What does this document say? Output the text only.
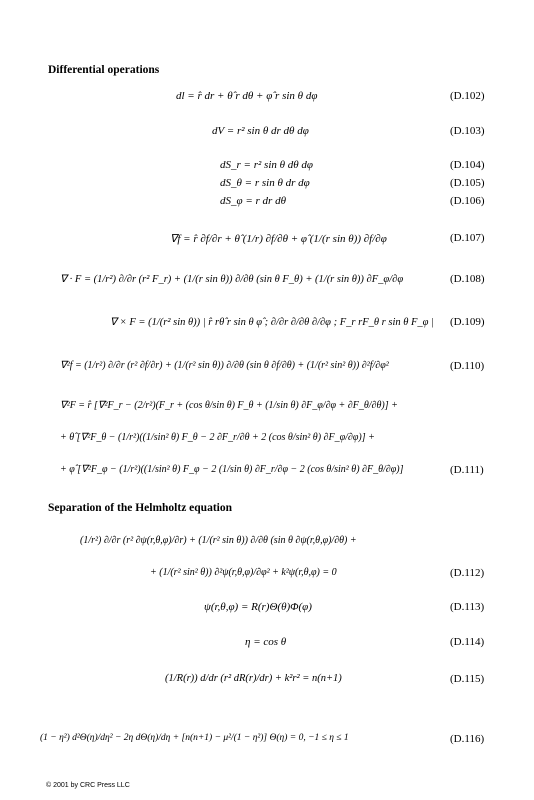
Differential operations
dl = r̂ dr + θ̂ r dθ + φ̂ r sin θ dφ	(D.102)
dV = r² sin θ dr dθ dφ	(D.103)
dS_r = r² sin θ dθ dφ	(D.104)
dS_θ = r sin θ dr dφ	(D.105)
dS_φ = r dr dθ	(D.106)
∇f = r̂ ∂f/∂r + θ̂ (1/r) ∂f/∂θ + φ̂ (1/(r sin θ)) ∂f/∂φ	(D.107)
∇ · F = (1/r²) ∂/∂r (r² F_r) + (1/(r sin θ)) ∂/∂θ (sin θ F_θ) + (1/(r sin θ)) ∂F_φ/∂φ	(D.108)
∇ × F = (1/(r² sin θ)) | r̂ rθ̂ r sin θ φ̂ ; ∂/∂r ∂/∂θ ∂/∂φ ; F_r rF_θ r sin θ F_φ | (D.109)
∇²f = (1/r²) ∂/∂r (r² ∂f/∂r) + (1/(r² sin θ)) ∂/∂θ (sin θ ∂f/∂θ) + (1/(r² sin² θ)) ∂²f/∂φ²	(D.110)
∇²F = r̂ [∇²F_r − (2/r²)(F_r + (cos θ/sin θ) F_θ + (1/sin θ) ∂F_φ/∂φ + ∂F_θ/∂θ)] +
+ θ̂ [∇²F_θ − (1/r²)((1/sin² θ) F_θ − 2 ∂F_r/∂θ + 2 (cos θ/sin² θ) ∂F_φ/∂φ)] +
+ φ̂ [∇²F_φ − (1/r²)((1/sin² θ) F_φ − 2 (1/sin θ) ∂F_r/∂φ − 2 (cos θ/sin² θ) ∂F_θ/∂φ)]	(D.111)
Separation of the Helmholtz equation
(1/r²) ∂/∂r (r² ∂ψ(r,θ,φ)/∂r) + (1/(r² sin θ)) ∂/∂θ (sin θ ∂ψ(r,θ,φ)/∂θ) +
+ (1/(r² sin² θ)) ∂²ψ(r,θ,φ)/∂φ² + k²ψ(r,θ,φ) = 0	(D.112)
ψ(r,θ,φ) = R(r)Θ(θ)Φ(φ)	(D.113)
η = cos θ	(D.114)
(1/R(r)) d/dr (r² dR(r)/dr) + k²r² = n(n+1)	(D.115)
(1 − η²) d²Θ(η)/dη² − 2η dΘ(η)/dη + [n(n+1) − μ²/(1 − η²)] Θ(η) = 0, −1 ≤ η ≤ 1	(D.116)
© 2001 by CRC Press LLC
